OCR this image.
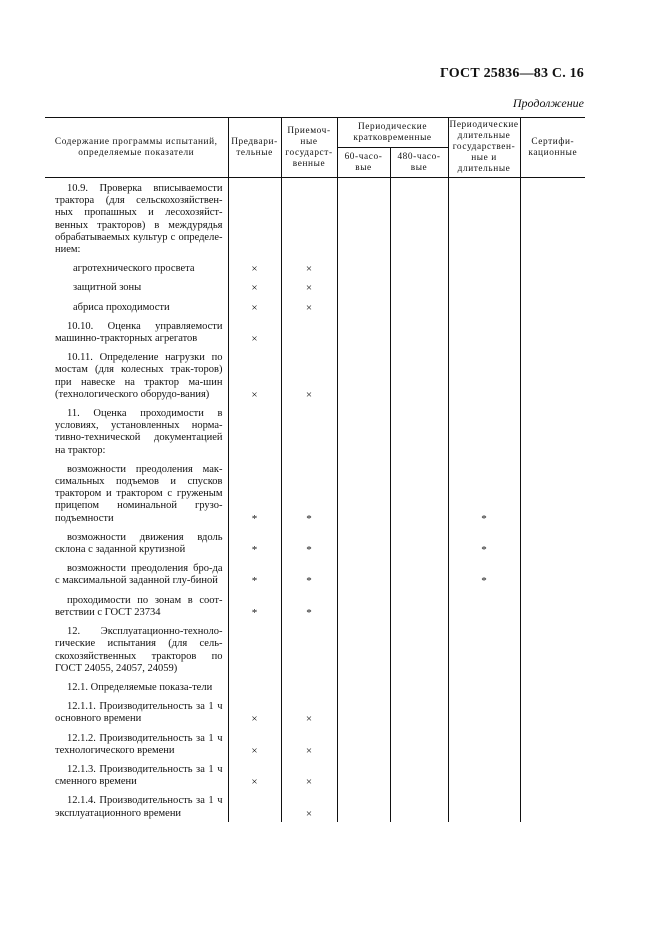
ГОСТ 25836—83 С. 16
Продолжение
Содержание программы испытаний, определяемые показатели	Предвари-тельные	Приемоч-ные государст-венные	Периодические кратковременные		Периодические длительные государствен-ные и длительные	Сертифи-кационные
			60-часо-вые	480-часо-вые		
10.9. Проверка вписываемости трактора (для сельскохозяйствен-ных пропашных и лесохозяйст-венных тракторов) в междурядья обрабатываемых культур с определе-нием:						
агротехнического просвета	×	×				
защитной зоны	×	×				
абриса проходимости	×	×				
10.10. Оценка управляемости машинно-тракторных агрегатов	×					
10.11. Определение нагрузки по мостам (для колесных трак-торов) при навеске на трактор ма-шин (технологического оборудо-вания)	×	×				
11. Оценка проходимости в условиях, установленных норма-тивно-технической документацией на трактор:						
возможности преодоления мак-симальных подъемов и спусков трактором и трактором с груженым прицепом номинальной грузо-подъемности	*	*			*	
возможности движения вдоль склона с заданной крутизной	*	*			*	
возможности преодоления бро-да с максимальной заданной глу-биной	*	*			*	
проходимости по зонам в соот-ветствии с ГОСТ 23734	*	*				
12. Эксплуатационно-техноло-гические испытания (для сель-скохозяйственных тракторов по ГОСТ 24055, 24057, 24059)						
12.1. Определяемые показа-тели						
12.1.1. Производительность за 1 ч основного времени	×	×				
12.1.2. Производительность за 1 ч технологического времени	×	×				
12.1.3. Производительность за 1 ч сменного времени	×	×				
12.1.4. Производительность за 1 ч эксплуатационного времени		×				
